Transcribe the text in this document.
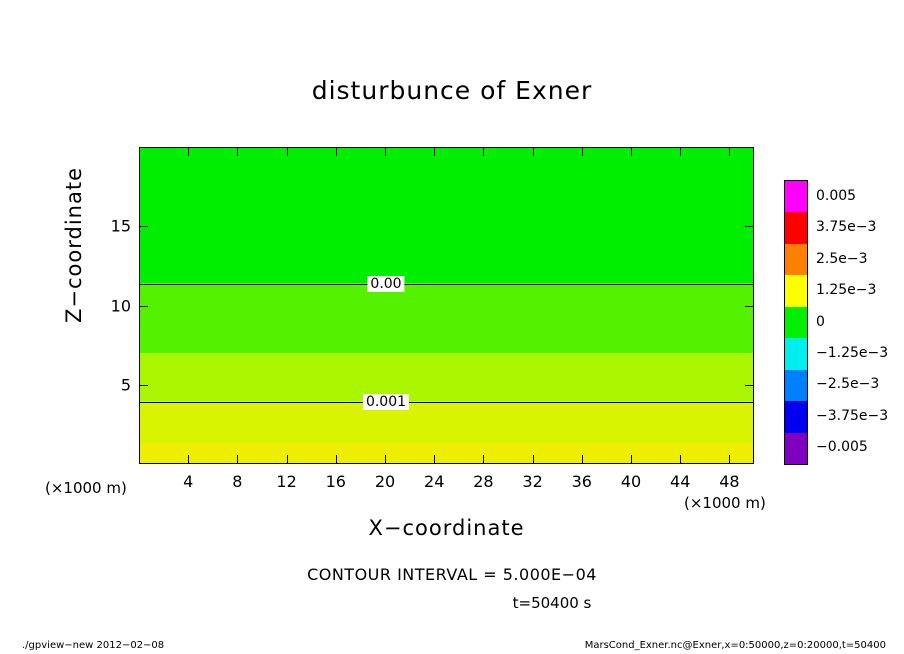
disturbunce of Exner
0.00
0.001
4 8 12 16 20 24 28 32 36 40 44 48
5
10
15
X−coordinate
Z−coordinate
(×1000 m)
(×1000 m)
0.005
3.75e−3
2.5e−3
1.25e−3
0
−1.25e−3
−2.5e−3
−3.75e−3
−0.005
CONTOUR INTERVAL = 5.000E−04
t=50400 s
./gpview−new 2012−02−08	MarsCond_Exner.nc@Exner,x=0:50000,z=0:20000,t=50400
